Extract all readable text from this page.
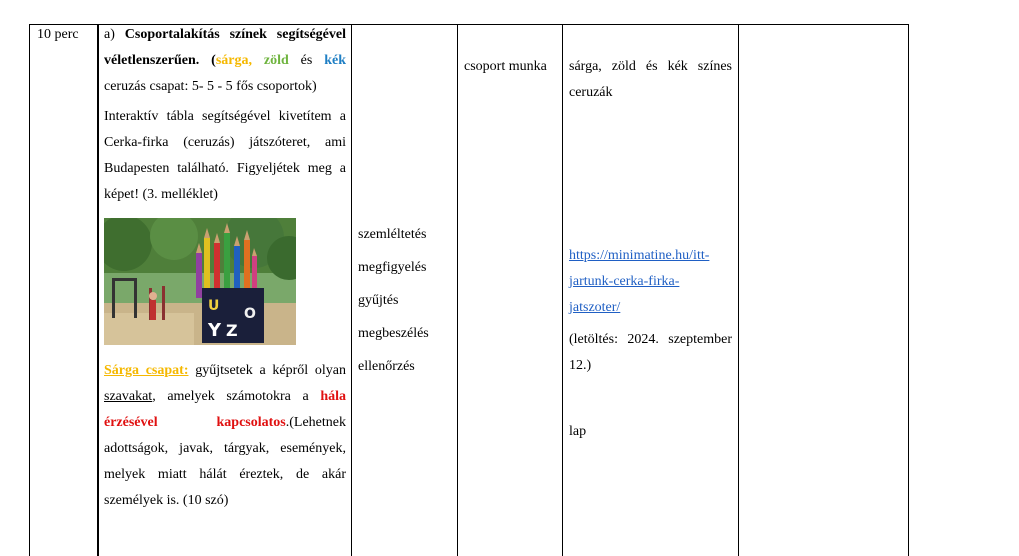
10 perc a) Csoportalakítás színek segítségével
véletlenszerűen. (sárga, zöld és kék
ceruzás csapat: 5- 5 - 5 fős csoportok)
Interaktív tábla segítségével kivetítem a
Cerka-firka (ceruzás) játszóteret, ami
Budapesten található. Figyeljétek meg a
képet! (3. melléklet)
U
Y Z
O
Sárga csapat: gyűjtsetek a képről olyan
szavakat, amelyek számotokra a hála
érzésével	kapcsolatos.(Lehetnek
adottságok, javak, tárgyak, események,
melyek miatt hálát éreztek, de akár
személyek is. (10 szó)
szemléltetés
megfigyelés
gyűjtés
megbeszélés
ellenőrzés
csoport munka sárga, zöld és kék színes
ceruzák
https://minimatine.hu/itt-
jartunk-cerka-firka-
jatszoter/
(letöltés: 2024. szeptember
12.)
lap
